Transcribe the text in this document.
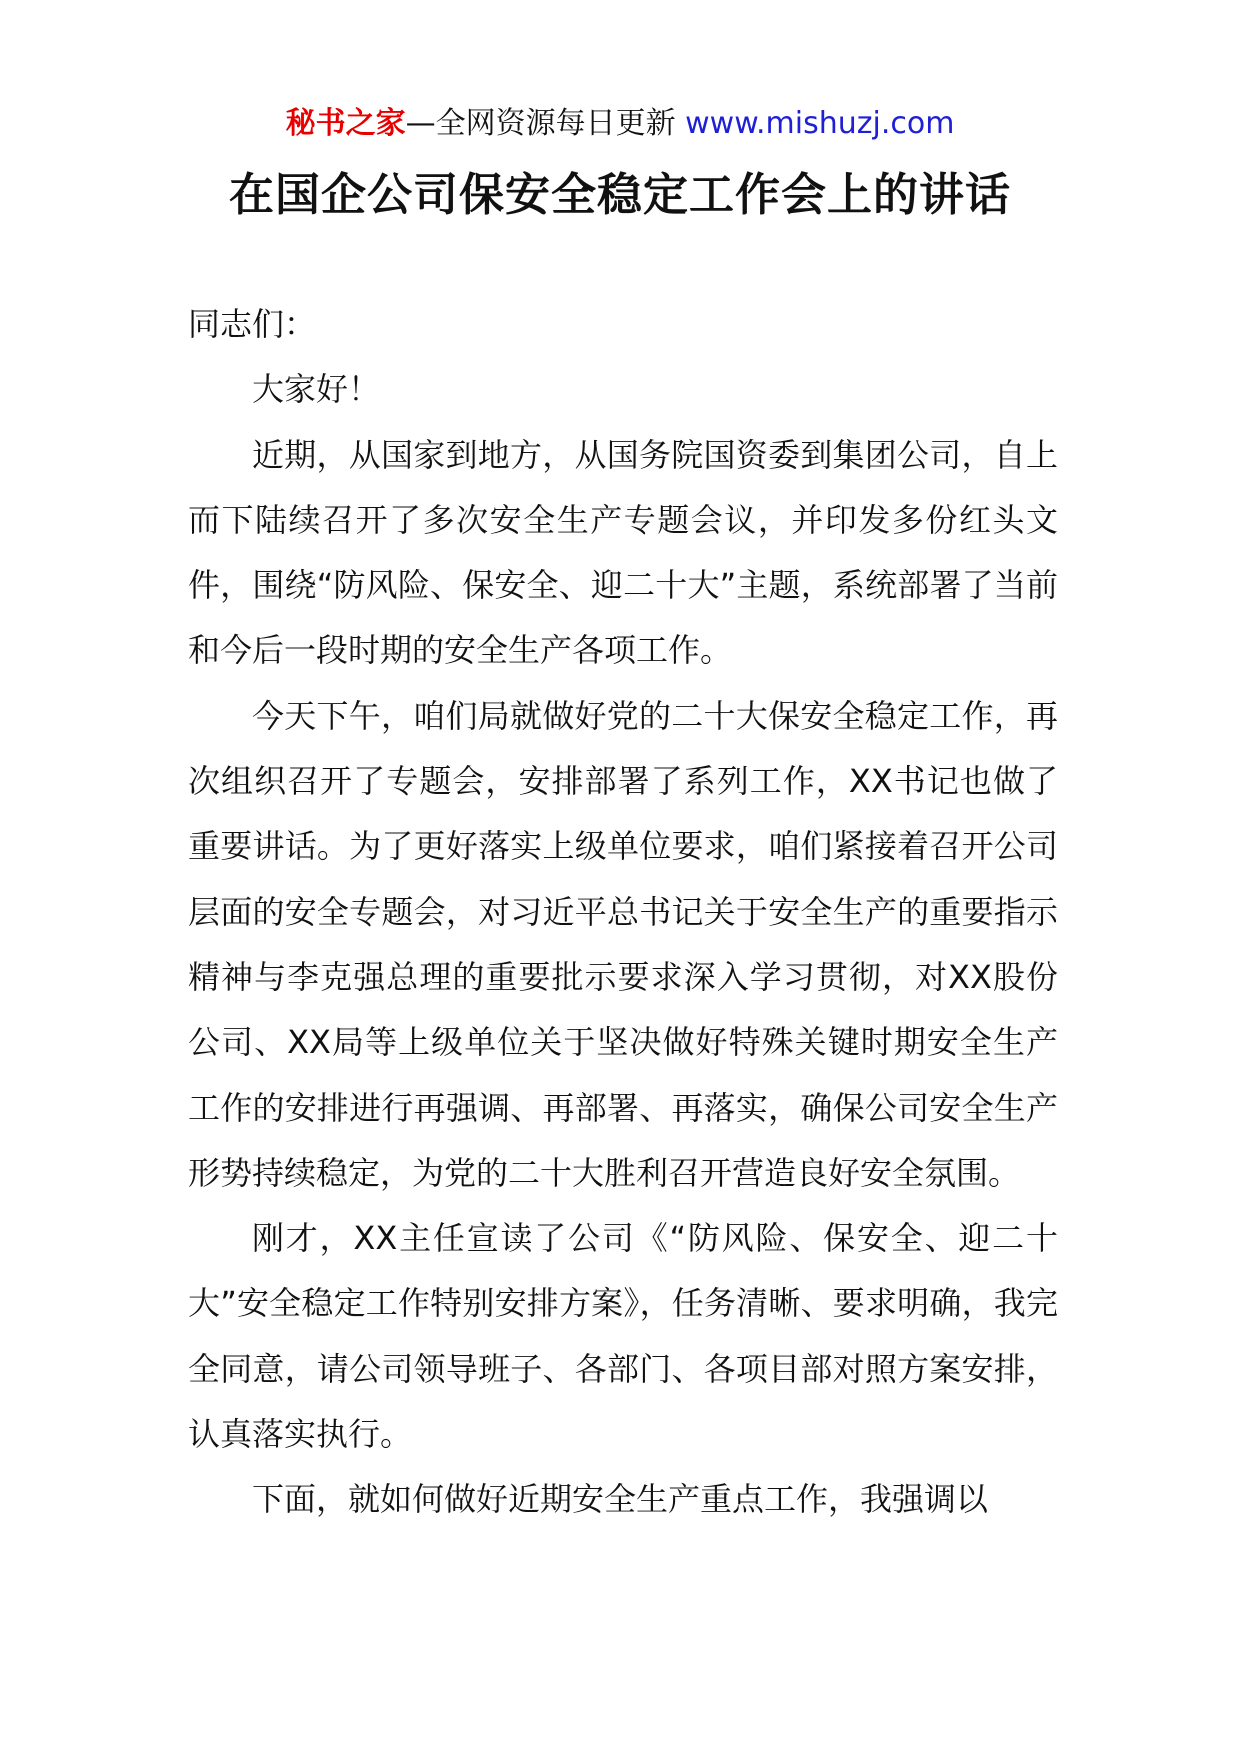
秘书之家—全网资源每日更新 www.mishuzj.com
在国企公司保安全稳定工作会上的讲话

同志们：

大家好！

近期，从国家到地方，从国务院国资委到集团公司，自上而下陆续召开了多次安全生产专题会议，并印发多份红头文件，围绕“防风险、保安全、迎二十大”主题，系统部署了当前和今后一段时期的安全生产各项工作。

今天下午，咱们局就做好党的二十大保安全稳定工作，再次组织召开了专题会，安排部署了系列工作，XX书记也做了重要讲话。为了更好落实上级单位要求，咱们紧接着召开公司层面的安全专题会，对习近平总书记关于安全生产的重要指示精神与李克强总理的重要批示要求深入学习贯彻，对XX股份公司、XX局等上级单位关于坚决做好特殊关键时期安全生产工作的安排进行再强调、再部署、再落实，确保公司安全生产形势持续稳定，为党的二十大胜利召开营造良好安全氛围。

刚才，XX主任宣读了公司《“防风险、保安全、迎二十大”安全稳定工作特别安排方案》，任务清晰、要求明确，我完全同意，请公司领导班子、各部门、各项目部对照方案安排，认真落实执行。

下面，就如何做好近期安全生产重点工作，我强调以
